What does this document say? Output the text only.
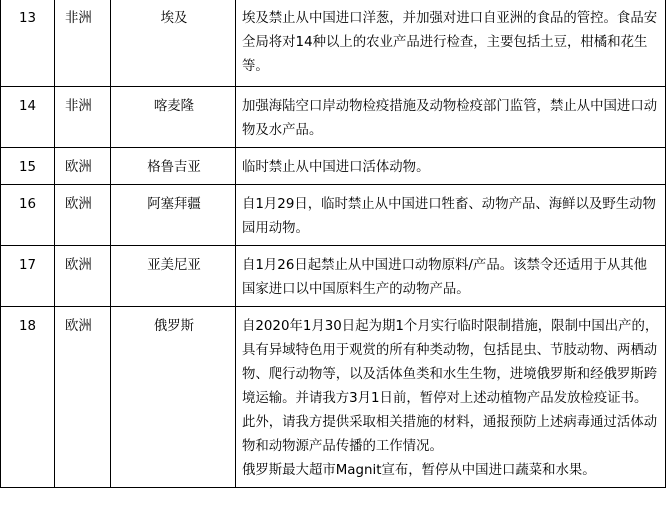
13	非洲	埃及	埃及禁止从中国进口洋葱，并加强对进口自亚洲的食品的管控。食品安全局将对14种以上的农业产品进行检查，主要包括土豆，柑橘和花生等。

14	非洲	喀麦隆	加强海陆空口岸动物检疫措施及动物检疫部门监管，禁止从中国进口动物及水产品。

15	欧洲	格鲁吉亚	临时禁止从中国进口活体动物。

16	欧洲	阿塞拜疆	自1月29日，临时禁止从中国进口牲畜、动物产品、海鲜以及野生动物园用动物。

17	欧洲	亚美尼亚	自1月26日起禁止从中国进口动物原料/产品。该禁令还适用于从其他国家进口以中国原料生产的动物产品。

18	欧洲	俄罗斯	自2020年1月30日起为期1个月实行临时限制措施，限制中国出产的，具有异域特色用于观赏的所有种类动物，包括昆虫、节肢动物、两栖动物、爬行动物等，以及活体鱼类和水生生物，进境俄罗斯和经俄罗斯跨境运输。并请我方3月1日前，暂停对上述动植物产品发放检疫证书。此外，请我方提供采取相关措施的材料，通报预防上述病毒通过活体动物和动物源产品传播的工作情况。
俄罗斯最大超市Magnit宣布，暂停从中国进口蔬菜和水果。
